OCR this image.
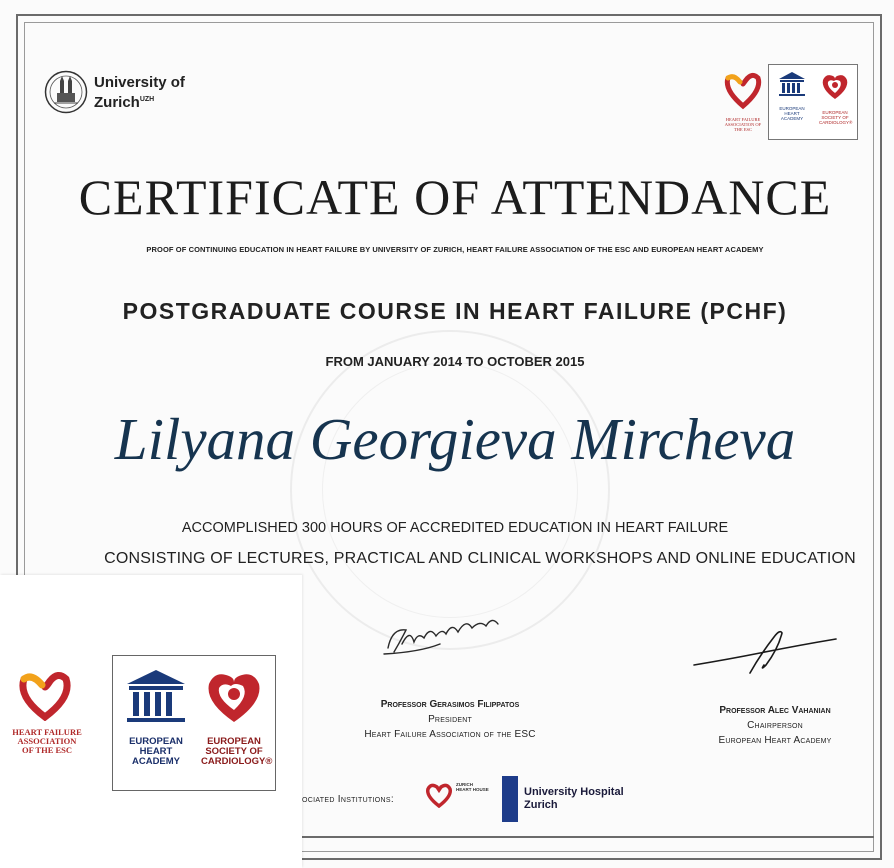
University of
Zurich$^{UZH}$
HEART FAILURE ASSOCIATION OF THE ESC
EUROPEAN HEART ACADEMY
EUROPEAN SOCIETY OF CARDIOLOGY®
CERTIFICATE OF ATTENDANCE
PROOF OF CONTINUING EDUCATION IN HEART FAILURE BY UNIVERSITY OF ZURICH, HEART FAILURE ASSOCIATION OF THE ESC AND EUROPEAN HEART ACADEMY
POSTGRADUATE COURSE IN HEART FAILURE (PCHF)
FROM JANUARY 2014 TO OCTOBER 2015
Lilyana Georgieva Mircheva
ACCOMPLISHED 300 HOURS OF ACCREDITED EDUCATION IN HEART FAILURE
CONSISTING OF LECTURES, PRACTICAL AND CLINICAL WORKSHOPS AND ONLINE EDUCATION
Professor Gerasimos Filippatos
President
Heart Failure Association of the ESC
Professor Alec Vahanian
Chairperson
European Heart Academy
ociated Institutions:
ZURICH
HEART HOUSE	University Hospital
Zurich
HEART FAILURE
ASSOCIATION
OF THE ESC
EUROPEAN
HEART
ACADEMY
EUROPEAN
SOCIETY OF
CARDIOLOGY®
